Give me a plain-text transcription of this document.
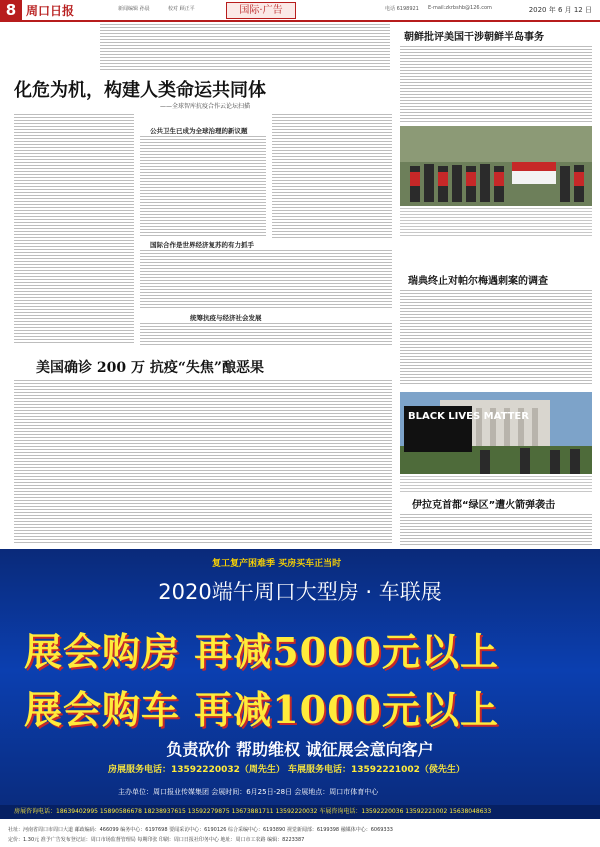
8 周口日报	新闻编辑 孙晨	校对 顾正平	国际·广告	电话 6198921 E-mail:zkrbshb@126.com	2020 年 6 月 12 日
化危为机，构建人类命运共同体
——全球智库抗疫合作云论坛扫描
公共卫生已成为全球治理的新议题
国际合作是世界经济复苏的有力抓手
统筹抗疫与经济社会发展
美国确诊 200 万 抗疫“失焦”酿恶果
朝鲜批评美国干涉朝鲜半岛事务
瑞典终止对帕尔梅遇刺案的调查
BLACK LIVES MATTER
伊拉克首都“绿区”遭火箭弹袭击
复工复产困难季 买房买车正当时
2020端午周口大型房 · 车联展
展会购房 再减5000元以上
展会购车 再减1000元以上
负责砍价 帮助维权 诚征展会意向客户
房展服务电话：13592220032（周先生） 车展服务电话：13592221002（侯先生）
主办单位：周口报业传媒集团 会展时间：6月25日-28日 会展地点：周口市体育中心
房展咨询电话：18639402995 15890586678 18238937615 13592279875 13673881711 13592220032 车展咨询电话：13592220036 13592221002 15638048633
社址：河南省周口市周口大道 邮政编码：466099 编务中心：6197698 要闻采访中心：6190126 综合采编中心：6193890 视觉新闻部：6199398 融媒体中心：6069333
定价：1.30元 准予广告发布登记证：周口市场监督管理局 每期印张 印刷：周口日报社印务中心 地址：周口市工农路 编辑：8223387
